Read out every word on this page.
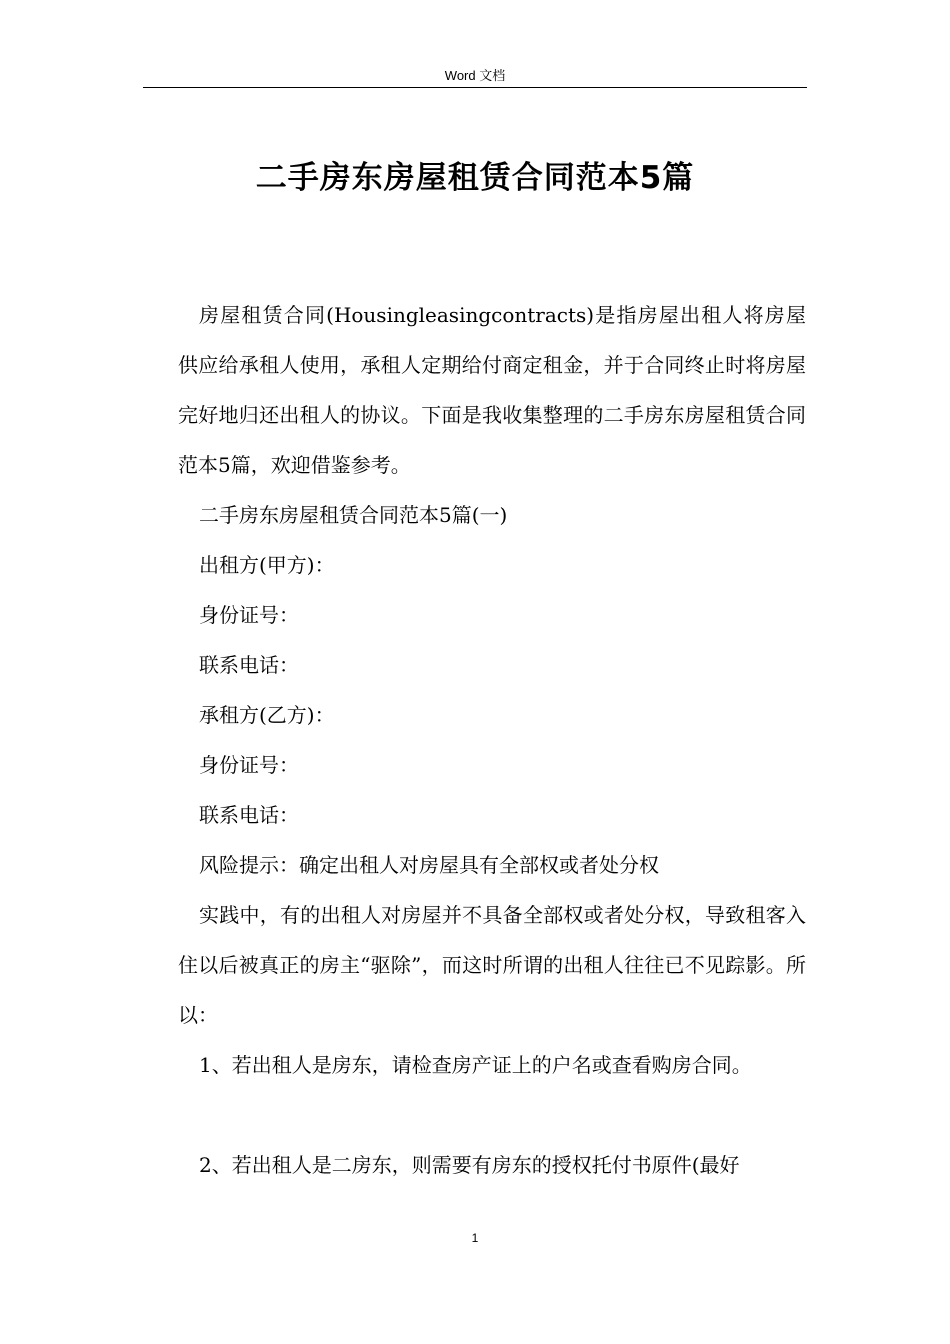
Word 文档
二手房东房屋租赁合同范本5篇

房屋租赁合同(Housingleasingcontracts)是指房屋出租人将房屋供应给承租人使用，承租人定期给付商定租金，并于合同终止时将房屋完好地归还出租人的协议。下面是我收集整理的二手房东房屋租赁合同范本5篇，欢迎借鉴参考。

二手房东房屋租赁合同范本5篇(一)

出租方(甲方)：

身份证号：

联系电话：

承租方(乙方)：

身份证号：

联系电话：

风险提示：确定出租人对房屋具有全部权或者处分权

实践中，有的出租人对房屋并不具备全部权或者处分权，导致租客入住以后被真正的房主“驱除”，而这时所谓的出租人往往已不见踪影。所以：

1、若出租人是房东，请检查房产证上的户名或查看购房合同。

2、若出租人是二房东，则需要有房东的授权托付书原件(最好

1
